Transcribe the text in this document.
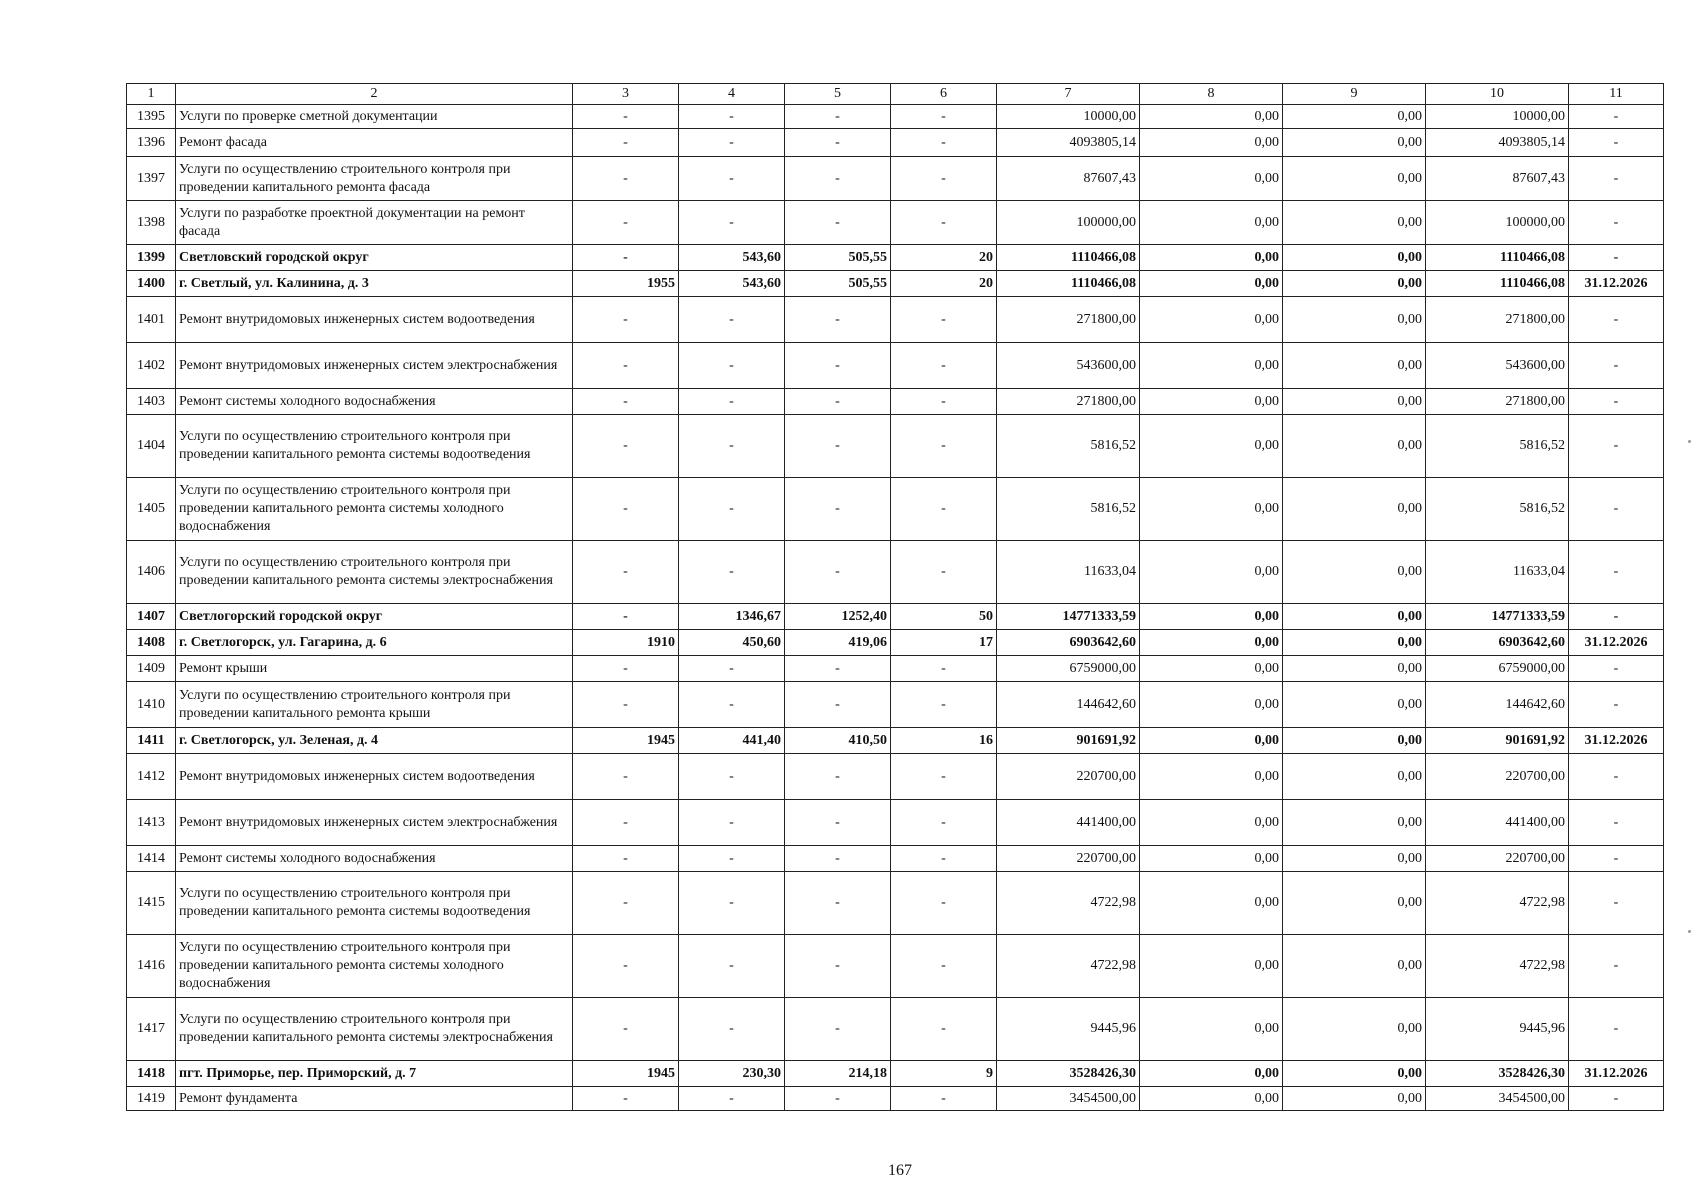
1	2	3	4	5	6	7	8	9	10	11
1395	Услуги по проверке сметной документации	-	-	-	-	10000,00	0,00	0,00	10000,00	-
1396	Ремонт фасада	-	-	-	-	4093805,14	0,00	0,00	4093805,14	-
1397	Услуги по осуществлению строительного контроля при проведении капитального ремонта фасада	-	-	-	-	87607,43	0,00	0,00	87607,43	-
1398	Услуги по разработке проектной документации на ремонт фасада	-	-	-	-	100000,00	0,00	0,00	100000,00	-
1399	Светловский городской округ	-	543,60	505,55	20	1110466,08	0,00	0,00	1110466,08	-
1400	г. Светлый, ул. Калинина, д. 3	1955	543,60	505,55	20	1110466,08	0,00	0,00	1110466,08	31.12.2026
1401	Ремонт внутридомовых инженерных систем водоотведения	-	-	-	-	271800,00	0,00	0,00	271800,00	-
1402	Ремонт внутридомовых инженерных систем электроснабжения	-	-	-	-	543600,00	0,00	0,00	543600,00	-
1403	Ремонт системы холодного водоснабжения	-	-	-	-	271800,00	0,00	0,00	271800,00	-
1404	Услуги по осуществлению строительного контроля при проведении капитального ремонта системы водоотведения	-	-	-	-	5816,52	0,00	0,00	5816,52	-
1405	Услуги по осуществлению строительного контроля при проведении капитального ремонта системы холодного водоснабжения	-	-	-	-	5816,52	0,00	0,00	5816,52	-
1406	Услуги по осуществлению строительного контроля при проведении капитального ремонта системы электроснабжения	-	-	-	-	11633,04	0,00	0,00	11633,04	-
1407	Светлогорский городской округ	-	1346,67	1252,40	50	14771333,59	0,00	0,00	14771333,59	-
1408	г. Светлогорск, ул. Гагарина, д. 6	1910	450,60	419,06	17	6903642,60	0,00	0,00	6903642,60	31.12.2026
1409	Ремонт крыши	-	-	-	-	6759000,00	0,00	0,00	6759000,00	-
1410	Услуги по осуществлению строительного контроля при проведении капитального ремонта крыши	-	-	-	-	144642,60	0,00	0,00	144642,60	-
1411	г. Светлогорск, ул. Зеленая, д. 4	1945	441,40	410,50	16	901691,92	0,00	0,00	901691,92	31.12.2026
1412	Ремонт внутридомовых инженерных систем водоотведения	-	-	-	-	220700,00	0,00	0,00	220700,00	-
1413	Ремонт внутридомовых инженерных систем электроснабжения	-	-	-	-	441400,00	0,00	0,00	441400,00	-
1414	Ремонт системы холодного водоснабжения	-	-	-	-	220700,00	0,00	0,00	220700,00	-
1415	Услуги по осуществлению строительного контроля при проведении капитального ремонта системы водоотведения	-	-	-	-	4722,98	0,00	0,00	4722,98	-
1416	Услуги по осуществлению строительного контроля при проведении капитального ремонта системы холодного водоснабжения	-	-	-	-	4722,98	0,00	0,00	4722,98	-
1417	Услуги по осуществлению строительного контроля при проведении капитального ремонта системы электроснабжения	-	-	-	-	9445,96	0,00	0,00	9445,96	-
1418	пгт. Приморье, пер. Приморский, д. 7	1945	230,30	214,18	9	3528426,30	0,00	0,00	3528426,30	31.12.2026
1419	Ремонт фундамента	-	-	-	-	3454500,00	0,00	0,00	3454500,00	-
167
